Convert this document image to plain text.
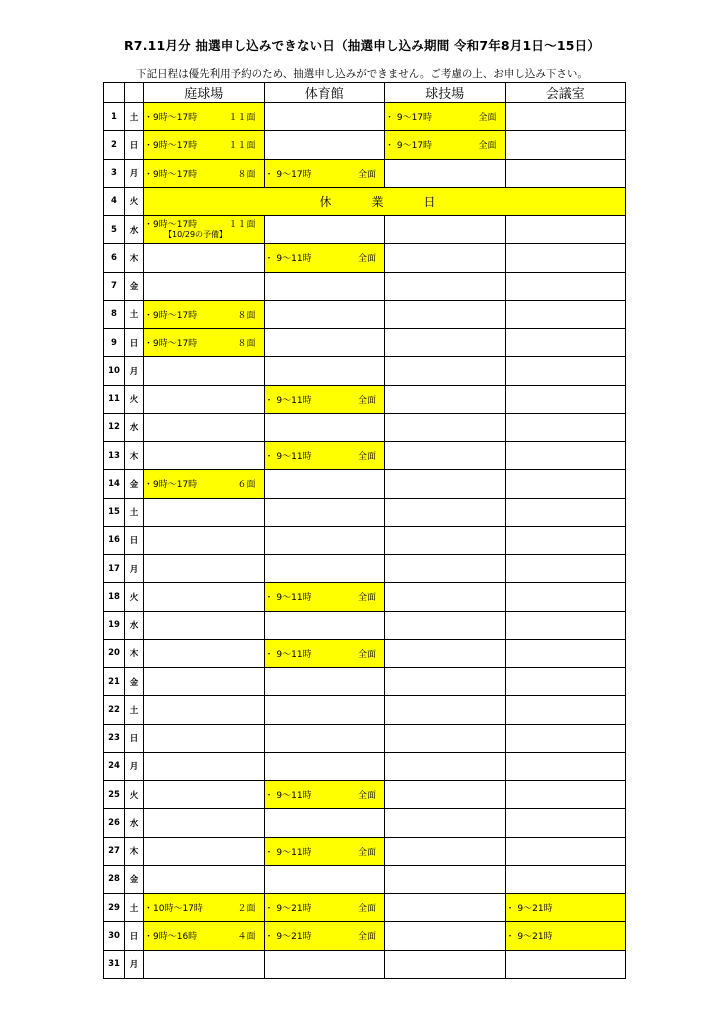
R7.11月分 抽選申し込みできない日（抽選申し込み期間 令和7年8月1日〜15日）
下記日程は優先利用予約のため、抽選申し込みができません。ご考慮の上、お申し込み下さい。
		庭球場	体育館	球技場	会議室
1	土	・9時〜17時 １１面		・ 9〜17時 全面	

2	日	・9時〜17時 １１面		・ 9〜17時 全面	

3	月	・9時〜17時 ８面	・ 9〜17時 全面		

4	火	休　業　日			
5	水	・9時〜17時 １１面
【10/29の予備】			

6	木		・ 9〜11時 全面		

7	金				
8	土	・9時〜17時 ８面			

9	日	・9時〜17時 ８面			

10	月				
11	火		・ 9〜11時 全面		

12	水				
13	木		・ 9〜11時 全面		

14	金	・9時〜17時 ６面			

15	土				
16	日				
17	月				
18	火		・ 9〜11時 全面		

19	水				
20	木		・ 9〜11時 全面		

21	金				
22	土				
23	日				
24	月				
25	火		・ 9〜11時 全面		

26	水				
27	木		・ 9〜11時 全面		

28	金				
29	土	・10時〜17時 ２面	・ 9〜21時 全面		・ 9〜21時

30	日	・9時〜16時 ４面	・ 9〜21時 全面		・ 9〜21時

31	月				
